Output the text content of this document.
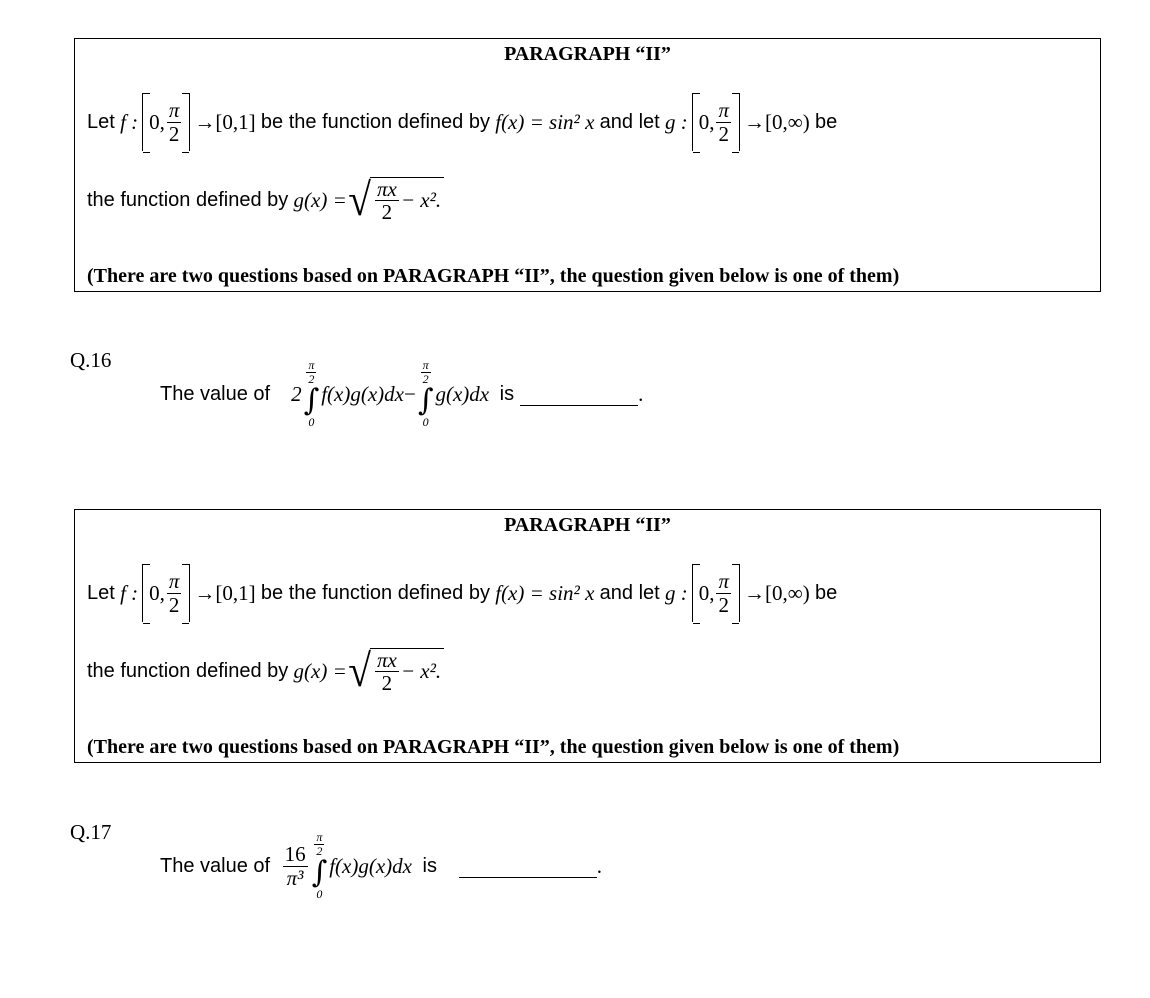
PARAGRAPH “II”
Let
f : 0, $\frac{\pi}{2} \to[0,1]$
be the function defined by
f(x) = sin² x
and let
g : 0, $\frac{\pi}{2} \to[0,\infty)$
be
the function defined by
g(x) = √ $\frac{\pi x}{2} - x^2$.
(There are two questions based on PARAGRAPH “II”, the question given below is one of them)
Q.16
The value of
2
$\frac{\pi}{2}$
∫
0
f(x)g(x)dx −
$\frac{\pi}{2}$
∫
0
g(x)dx
is	.
PARAGRAPH “II”
Let
f : 0, $\frac{\pi}{2} \to[0,1]$
be the function defined by
f(x) = sin² x
and let
g : 0, $\frac{\pi}{2} \to[0,\infty)$
be
the function defined by
g(x) = √ $\frac{\pi x}{2} - x^2$.
(There are two questions based on PARAGRAPH “II”, the question given below is one of them)
Q.17
The value of
$\frac{16}{\text{π³}} \frac{\pi}{2}$
∫
0
f(x)g(x)dx
is
	.
